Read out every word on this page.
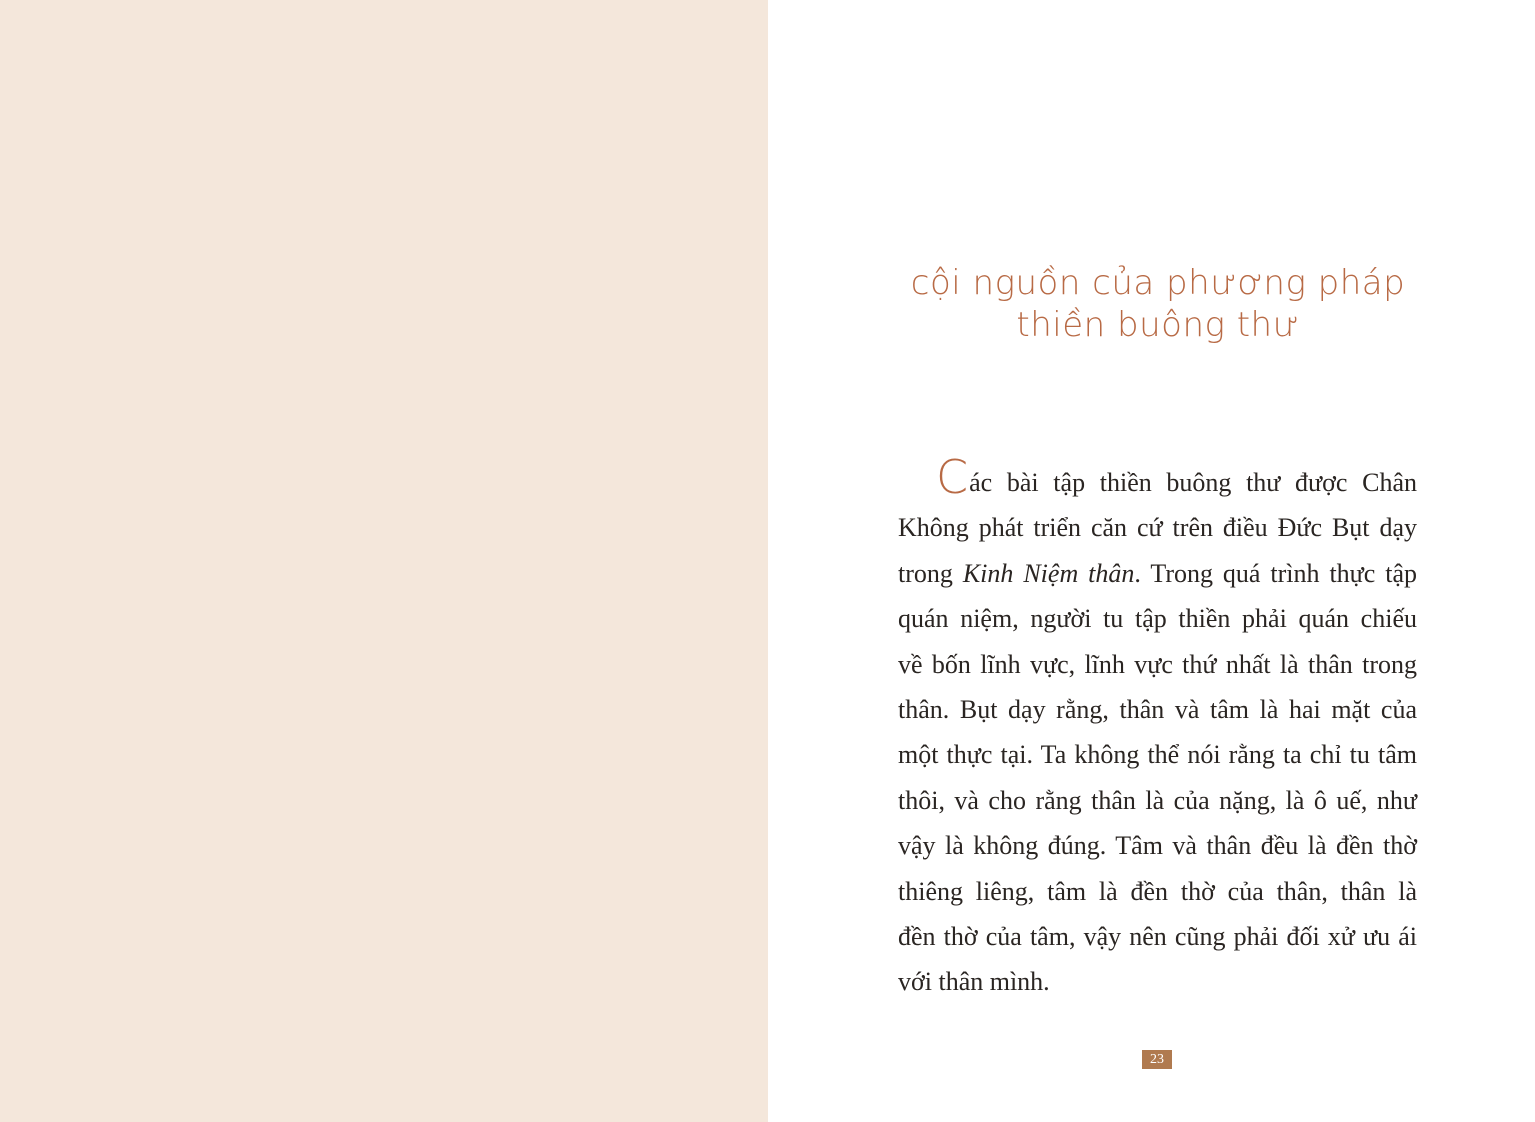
cội nguồn của phương pháp
thiền buông thư
Các bài tập thiền buông thư được Chân
Không phát triển căn cứ trên điều Đức Bụt dạy
trong Kinh Niệm thân. Trong quá trình thực tập
quán niệm, người tu tập thiền phải quán chiếu
về bốn lĩnh vực, lĩnh vực thứ nhất là thân trong
thân. Bụt dạy rằng, thân và tâm là hai mặt của
một thực tại. Ta không thể nói rằng ta chỉ tu tâm
thôi, và cho rằng thân là của nặng, là ô uế, như
vậy là không đúng. Tâm và thân đều là đền thờ
thiêng liêng, tâm là đền thờ của thân, thân là
đền thờ của tâm, vậy nên cũng phải đối xử ưu ái
với thân mình.
23
